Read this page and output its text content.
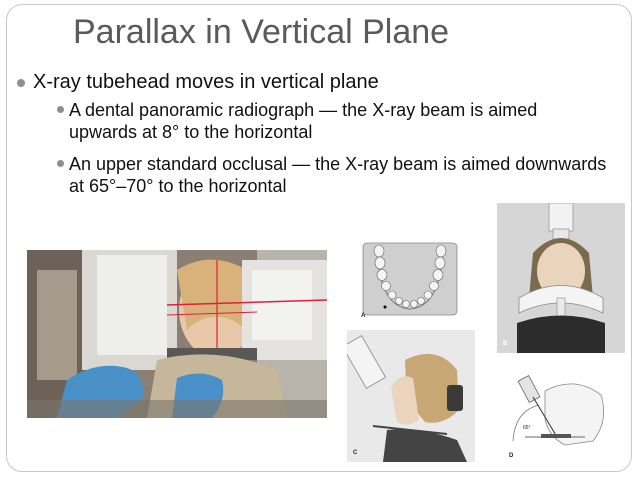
Parallax in Vertical Plane
X-ray tubehead moves in vertical plane
A dental panoramic radiograph — the X-ray beam is aimed upwards at 8° to the horizontal
An upper standard occlusal — the X-ray beam is aimed downwards at 65°–70° to the horizontal
A
B
C
65°
D
